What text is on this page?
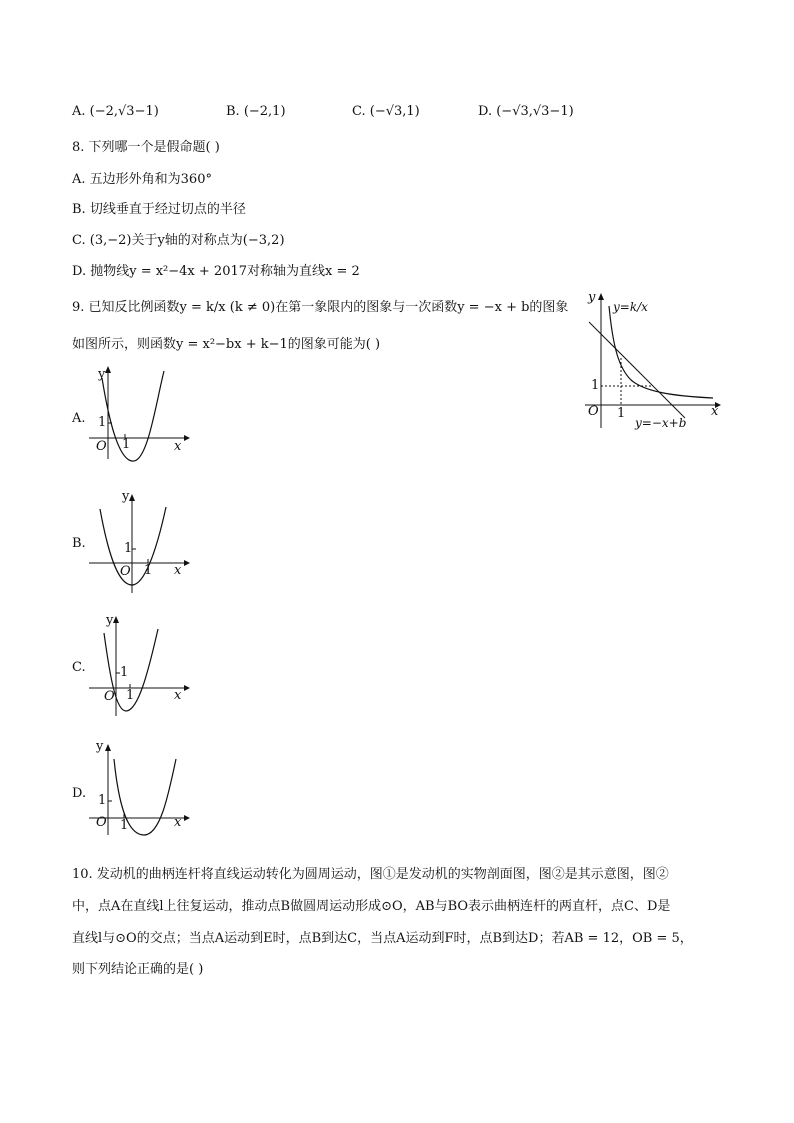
A. (−2,√3−1)	B. (−2,1)	C. (−√3,1)	D. (−√3,√3−1)
8. 下列哪一个是假命题( )
A. 五边形外角和为360°
B. 切线垂直于经过切点的半径
C. (3,−2)关于y轴的对称点为(−3,2)
D. 抛物线y = x²−4x + 2017对称轴为直线x = 2
9. 已知反比例函数y = k/x (k ≠ 0)在第一象限内的图象与一次函数y = −x + b的图象
如图所示，则函数y = x²−bx + k−1的图象可能为( )
y
x
O 1
1
y=k/x
y=−x+b
A.
y
1
1
O	x
B.
y
1
1
O	x
C.
y
1
1
O	x
D.
y
1
1
O	x
10. 发动机的曲柄连杆将直线运动转化为圆周运动，图①是发动机的实物剖面图，图②是其示意图，图②
中，点A在直线l上往复运动，推动点B做圆周运动形成⊙O，AB与BO表示曲柄连杆的两直杆，点C、D是
直线l与⊙O的交点；当点A运动到E时，点B到达C，当点A运动到F时，点B到达D；若AB = 12，OB = 5，
则下列结论正确的是( )
